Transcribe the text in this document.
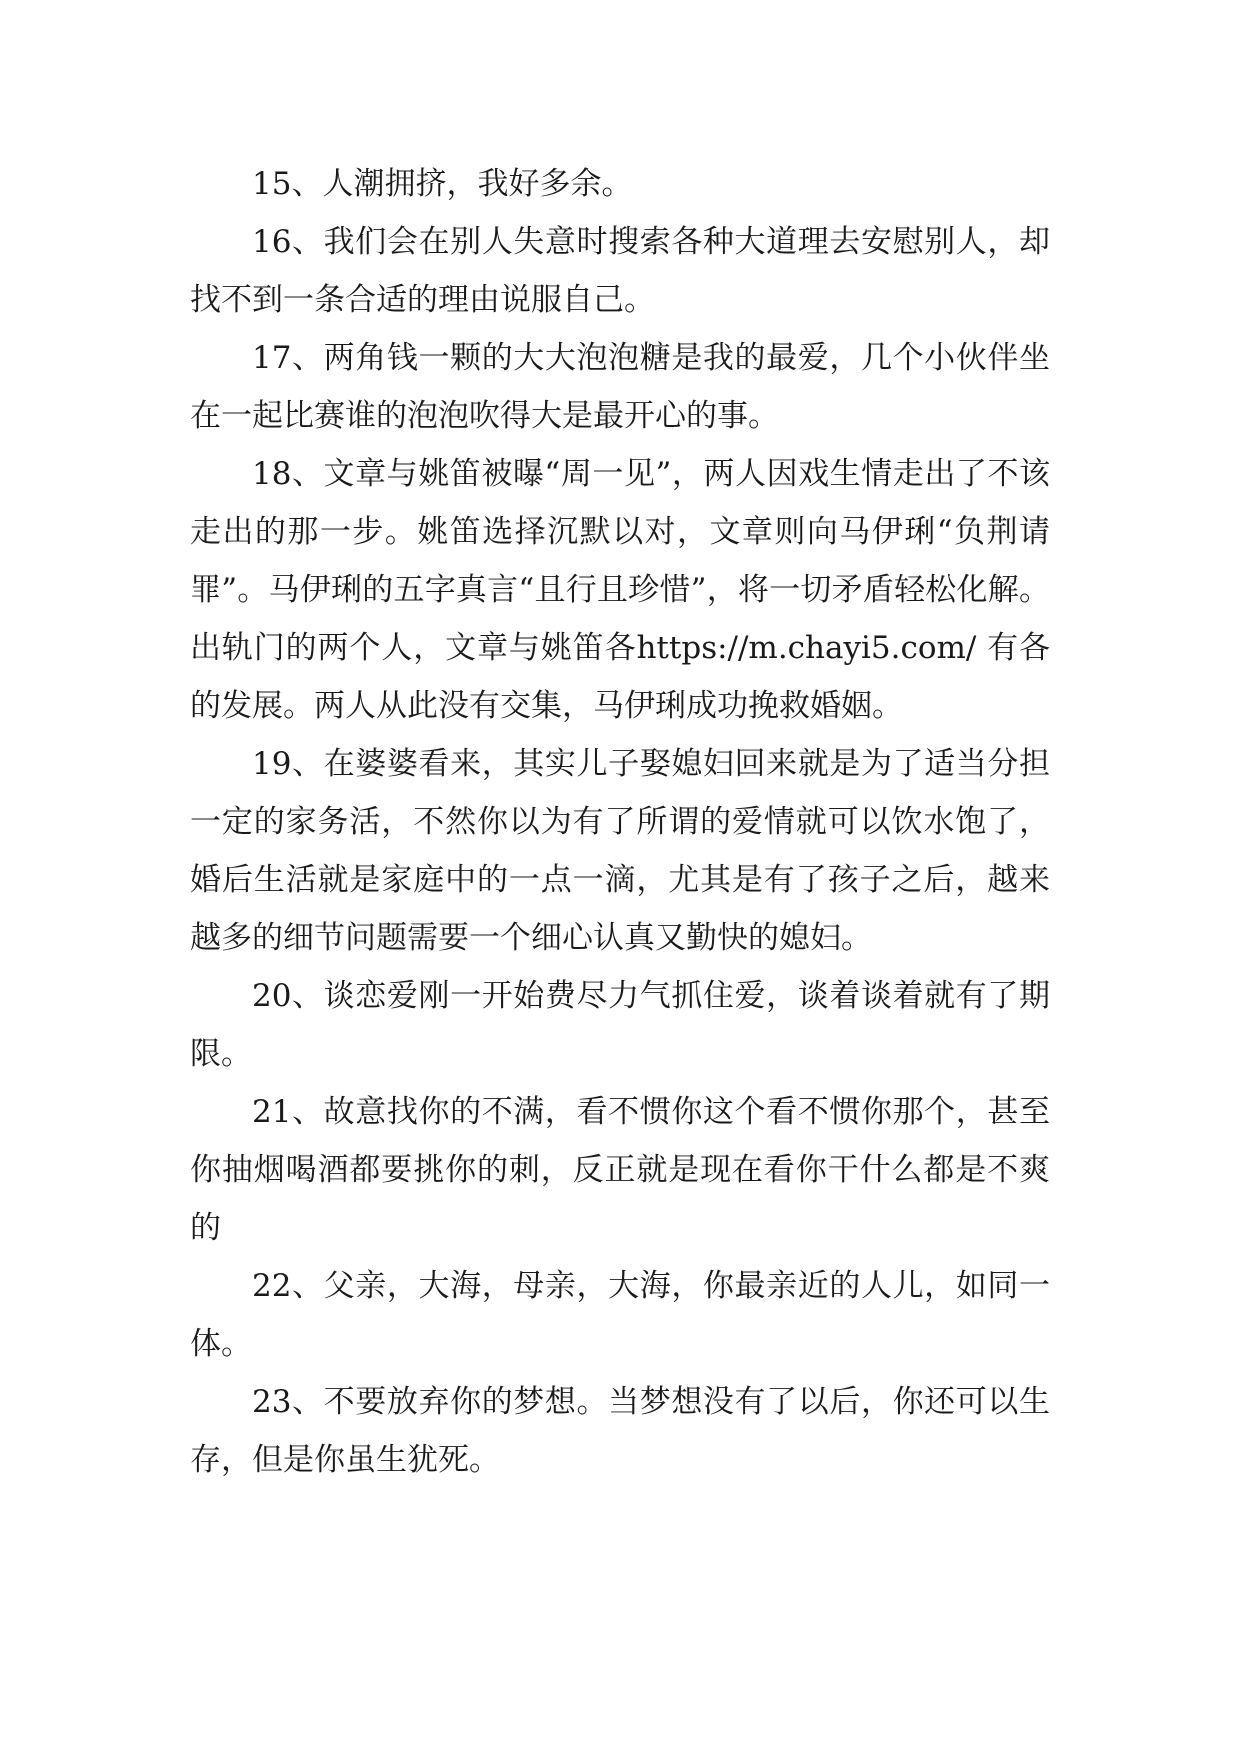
15、人潮拥挤，我好多余。

16、我们会在别人失意时搜索各种大道理去安慰别人，却找不到一条合适的理由说服自己。

17、两角钱一颗的大大泡泡糖是我的最爱，几个小伙伴坐在一起比赛谁的泡泡吹得大是最开心的事。

18、文章与姚笛被曝“周一见”，两人因戏生情走出了不该走出的那一步。姚笛选择沉默以对，文章则向马伊琍“负荆请罪”。马伊琍的五字真言“且行且珍惜”，将一切矛盾轻松化解。出轨门的两个人，文章与姚笛各https://m.chayi5.com/ 有各的发展。两人从此没有交集，马伊琍成功挽救婚姻。

19、在婆婆看来，其实儿子娶媳妇回来就是为了适当分担一定的家务活，不然你以为有了所谓的爱情就可以饮水饱了，婚后生活就是家庭中的一点一滴，尤其是有了孩子之后，越来越多的细节问题需要一个细心认真又勤快的媳妇。

20、谈恋爱刚一开始费尽力气抓住爱，谈着谈着就有了期限。

21、故意找你的不满，看不惯你这个看不惯你那个，甚至你抽烟喝酒都要挑你的刺，反正就是现在看你干什么都是不爽的

22、父亲，大海，母亲，大海，你最亲近的人儿，如同一体。

23、不要放弃你的梦想。当梦想没有了以后，你还可以生存，但是你虽生犹死。
